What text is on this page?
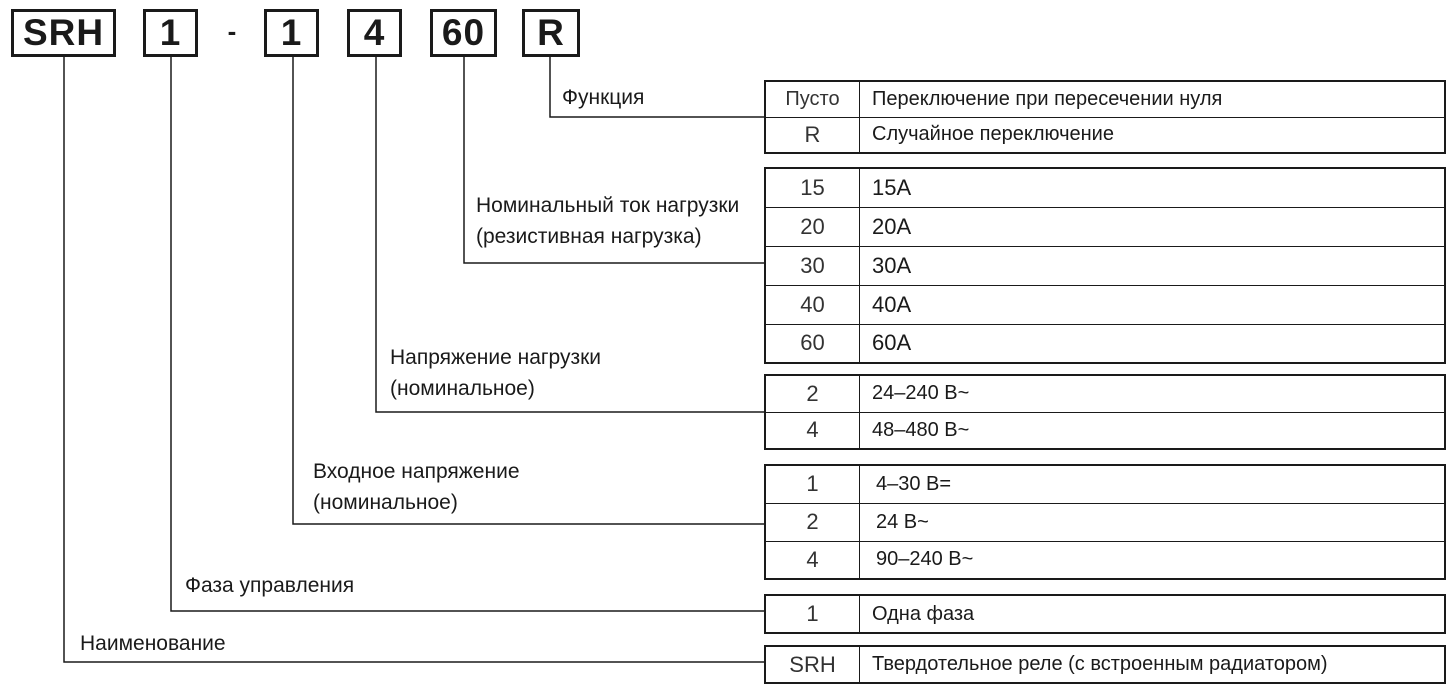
SRH	1	-	1	4	60	R
Функция
Номинальный ток нагрузки
(резистивная нагрузка)
Напряжение нагрузки
(номинальное)
Входное напряжение
(номинальное)
Фаза управления
Наименование
Пусто	Переключение при пересечении нуля
R	Случайное переключение
15	15A
20	20A
30	30A
40	40A
60	60A
2	24–240 В~
4	48–480 В~
1	4–30 В=
2	24 В~
4	90–240 В~
1	Одна фаза
SRH	Твердотельное реле (с встроенным радиатором)
